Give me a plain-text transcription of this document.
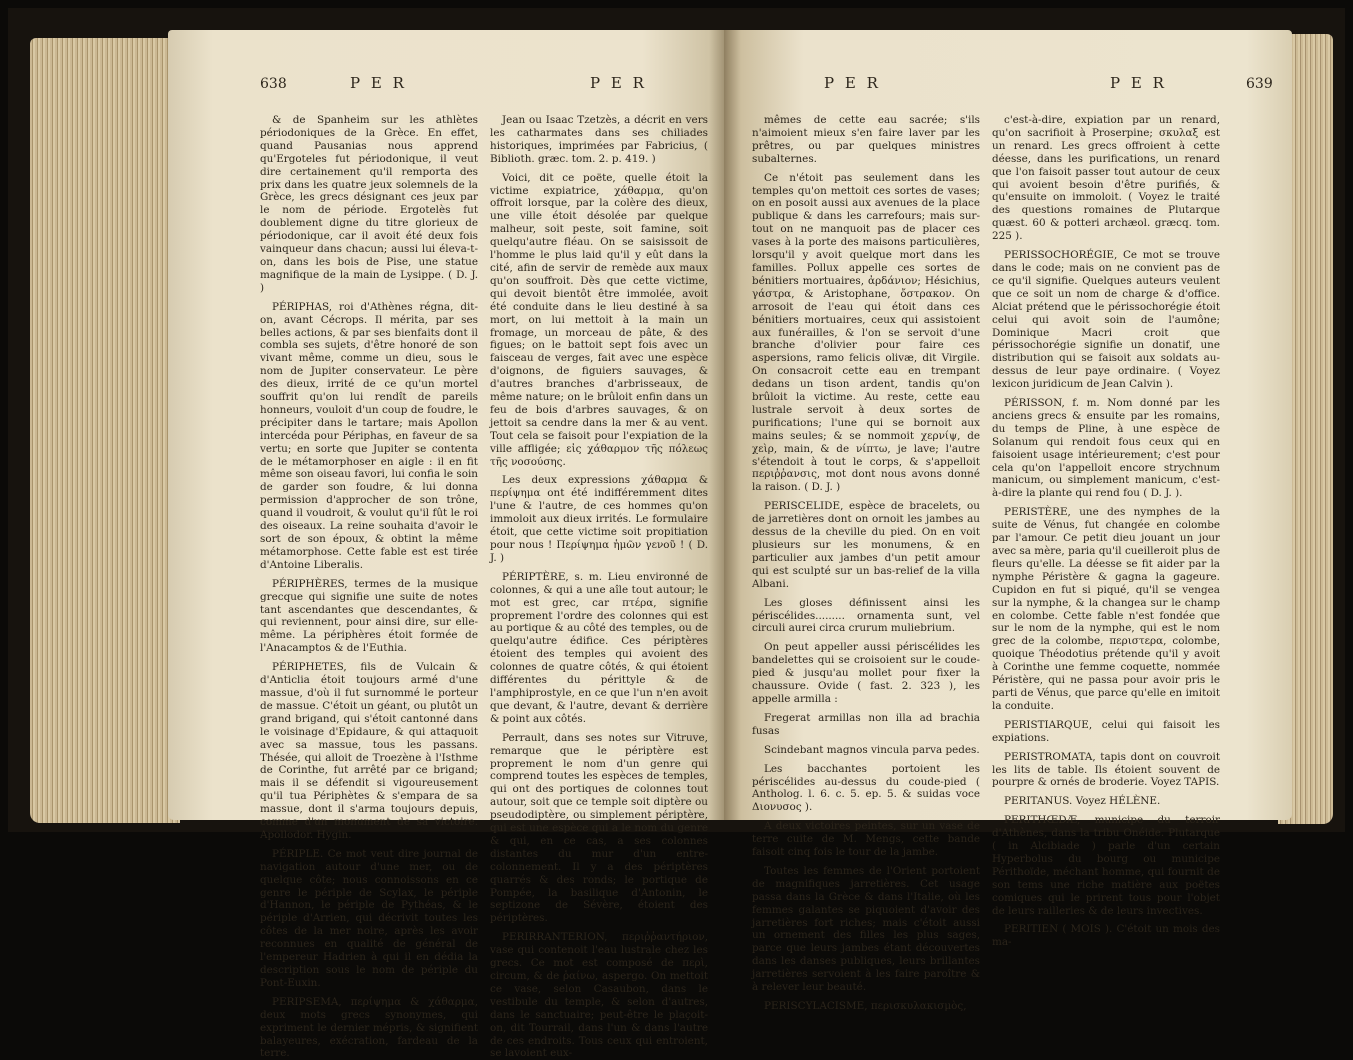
638	P E R	P E R

& de Spanheim sur les athlètes périodoniques de la Grèce. En effet, quand Pausanias nous apprend qu'Ergoteles fut périodonique, il veut dire certainement qu'il remporta des prix dans les quatre jeux solemnels de la Grèce, les grecs désignant ces jeux par le nom de période. Ergotelès fut doublement digne du titre glorieux de périodonique, car il avoit été deux fois vainqueur dans chacun; aussi lui éleva-t-on, dans les bois de Pise, une statue magnifique de la main de Lysippe. ( D. J. )

PÉRIPHAS, roi d'Athènes régna, dit-on, avant Cécrops. Il mérita, par ses belles actions, & par ses bienfaits dont il combla ses sujets, d'être honoré de son vivant même, comme un dieu, sous le nom de Jupiter conservateur. Le père des dieux, irrité de ce qu'un mortel souffrit qu'on lui rendît de pareils honneurs, vouloit d'un coup de foudre, le précipiter dans le tartare; mais Apollon intercéda pour Périphas, en faveur de sa vertu; en sorte que Jupiter se contenta de le métamorphoser en aigle : il en fit même son oiseau favori, lui confia le soin de garder son foudre, & lui donna permission d'approcher de son trône, quand il voudroit, & voulut qu'il fût le roi des oiseaux. La reine souhaita d'avoir le sort de son époux, & obtint la même métamorphose. Cette fable est est tirée d'Antoine Liberalis.

PÉRIPHÈRES, termes de la musique grecque qui signifie une suite de notes tant ascendantes que descendantes, & qui reviennent, pour ainsi dire, sur elle-même. La périphères étoit formée de l'Anacamptos & de l'Euthia.

PÉRIPHETES, fils de Vulcain & d'Anticlia étoit toujours armé d'une massue, d'où il fut surnommé le porteur de massue. C'étoit un géant, ou plutôt un grand brigand, qui s'étoit cantonné dans le voisinage d'Epidaure, & qui attaquoit avec sa massue, tous les passans. Thésée, qui alloit de Troezène à l'Isthme de Corinthe, fut arrêté par ce brigand; mais il se défendit si vigoureusement qu'il tua Périphètes & s'empara de sa massue, dont il s'arma toujours depuis, comme d'un monument de sa victoire. Apollodor. Hygin.

PÉRIPLE. Ce mot veut dire journal de navigation autour d'une mer, ou de quelque côte; nous connoissons en ce genre le périple de Scylax, le périple d'Hannon, le périple de Pythéas, & le périple d'Arrien, qui décrivit toutes les côtes de la mer noire, après les avoir reconnues en qualité de général de l'empereur Hadrien à qui il en dédia la description sous le nom de périple du Pont-Euxin.

PERIPSEMA, περίψημα & χάθαρμα, deux mots grecs synonymes, qui expriment le dernier mépris, & signifient balayeures, exécration, fardeau de la terre.

Jean ou Isaac Tzetzès, a décrit en vers les catharmates dans ses chiliades historiques, imprimées par Fabricius, ( Biblioth. græc. tom. 2. p. 419. )

Voici, dit ce poëte, quelle étoit la victime expiatrice, χάθαρμα, qu'on offroit lorsque, par la colère des dieux, une ville étoit désolée par quelque malheur, soit peste, soit famine, soit quelqu'autre fléau. On se saisissoit de l'homme le plus laid qu'il y eût dans la cité, afin de servir de remède aux maux qu'on souffroit. Dès que cette victime, qui devoit bientôt être immolée, avoit été conduite dans le lieu destiné à sa mort, on lui mettoit à la main un fromage, un morceau de pâte, & des figues; on le battoit sept fois avec un faisceau de verges, fait avec une espèce d'oignons, de figuiers sauvages, & d'autres branches d'arbrisseaux, de même nature; on le brûloit enfin dans un feu de bois d'arbres sauvages, & on jettoit sa cendre dans la mer & au vent. Tout cela se faisoit pour l'expiation de la ville affligée; εἰς χάθαρμον τῆς πόλεως τῆς νοσούσης.

Les deux expressions χάθαρμα & περίψημα ont été indifféremment dites l'une & l'autre, de ces hommes qu'on immoloit aux dieux irrités. Le formulaire étoit, que cette victime soit propitiation pour nous ! Περίψημα ἡμῶν γενοῦ ! ( D. J. )

PÉRIPTÈRE, s. m. Lieu environné de colonnes, & qui a une aîle tout autour; le mot est grec, car πτέρα, signifie proprement l'ordre des colonnes qui est au portique & au côté des temples, ou de quelqu'autre édifice. Ces périptères étoient des temples qui avoient des colonnes de quatre côtés, & qui étoient différentes du périttyle & de l'amphiprostyle, en ce que l'un n'en avoit que devant, & l'autre, devant & derrière & point aux côtés.

Perrault, dans ses notes sur Vitruve, remarque que le périptère est proprement le nom d'un genre qui comprend toutes les espèces de temples, qui ont des portiques de colonnes tout autour, soit que ce temple soit diptère ou pseudodiptère, ou simplement périptère, qui est une espèce qui a le nom du genre & qui, en ce cas, a ses colonnes distantes du mur d'un entre-colonnement. Il y a des périptères quarrés & des ronds; le portique de Pompée, la basilique d'Antonin, le septizone de Sévère, étoient des périptères.

PERIRRANTERION, περιῤῥαντήριον, vase qui contenoit l'eau lustrale chez les grecs. Ce mot est composé de περὶ, circum, & de ῥαίνω, aspergo. On mettoit ce vase, selon Casaubon, dans le vestibule du temple, & selon d'autres, dans le sanctuaire; peut-être le plaçoit-on, dit Tourrail, dans l'un & dans l'autre de ces endroits. Tous ceux qui entroient, se lavoient eux-

P E R	P E R	639

mêmes de cette eau sacrée; s'ils n'aimoient mieux s'en faire laver par les prêtres, ou par quelques ministres subalternes.

Ce n'étoit pas seulement dans les temples qu'on mettoit ces sortes de vases; on en posoit aussi aux avenues de la place publique & dans les carrefours; mais sur-tout on ne manquoit pas de placer ces vases à la porte des maisons particulières, lorsqu'il y avoit quelque mort dans les familles. Pollux appelle ces sortes de bénitiers mortuaires, ἀρδάνιον; Hésichius, γάστρα, & Aristophane, ὄστρακον. On arrosoit de l'eau qui étoit dans ces bénitiers mortuaires, ceux qui assistoient aux funérailles, & l'on se servoit d'une branche d'olivier pour faire ces aspersions, ramo felicis olivæ, dit Virgile. On consacroit cette eau en trempant dedans un tison ardent, tandis qu'on brûloit la victime. Au reste, cette eau lustrale servoit à deux sortes de purifications; l'une qui se bornoit aux mains seules; & se nommoit χερνίψ, de χεὶρ, main, & de νίπτω, je lave; l'autre s'étendoit à tout le corps, & s'appelloit περιῤῥανσις, mot dont nous avons donné la raison. ( D. J. )

PERISCELIDE, espèce de bracelets, ou de jarretières dont on ornoit les jambes au dessus de la cheville du pied. On en voit plusieurs sur les monumens, & en particulier aux jambes d'un petit amour qui est sculpté sur un bas-relief de la villa Albani.

Les gloses définissent ainsi les périscélides......... ornamenta sunt, vel circuli aurei circa crurum muliebrium.

On peut appeller aussi périscélides les bandelettes qui se croisoient sur le coude-pied & jusqu'au mollet pour fixer la chaussure. Ovide ( fast. 2. 323 ), les appelle armilla :

Fregerat armillas non illa ad brachia fusas

Scindebant magnos vincula parva pedes.

Les bacchantes portoient les périscélides au-dessus du coude-pied ( Antholog. l. 6. c. 5. ep. 5. & suidas voce Διονυσος ).

A deux victoires peintes, sur un vase de terre cuite de M. Mengs, cette bande faisoit cinq fois le tour de la jambe.

Toutes les femmes de l'Orient portoient de magnifiques jarretières. Cet usage passa dans la Grèce & dans l'Italie, où les femmes galantes se piquoient d'avoir des jarretières fort riches; mais c'étoit aussi un ornement des filles les plus sages, parce que leurs jambes étant découvertes dans les danses publiques, leurs brillantes jarretières servoient à les faire paroître & à relever leur beauté.

PERISCYLACISME, περισκυλακισμὸς,

c'est-à-dire, expiation par un renard, qu'on sacrifioit à Proserpine; σκυλαξ est un renard. Les grecs offroient à cette déesse, dans les purifications, un renard que l'on faisoit passer tout autour de ceux qui avoient besoin d'être purifiés, & qu'ensuite on immoloit. ( Voyez le traité des questions romaines de Plutarque quæst. 60 & potteri archæol. græcq. tom. 225 ).

PERISSOCHORÉGIE, Ce mot se trouve dans le code; mais on ne convient pas de ce qu'il signifie. Quelques auteurs veulent que ce soit un nom de charge & d'office. Alciat prétend que le périssochorégie étoit celui qui avoit soin de l'aumône; Dominique Macri croit que périssochorégie signifie un donatif, une distribution qui se faisoit aux soldats au-dessus de leur paye ordinaire. ( Voyez lexicon juridicum de Jean Calvin ).

PÉRISSON, f. m. Nom donné par les anciens grecs & ensuite par les romains, du temps de Pline, à une espèce de Solanum qui rendoit fous ceux qui en faisoient usage intérieurement; c'est pour cela qu'on l'appelloit encore strychnum manicum, ou simplement manicum, c'est-à-dire la plante qui rend fou ( D. J. ).

PERISTÈRE, une des nymphes de la suite de Vénus, fut changée en colombe par l'amour. Ce petit dieu jouant un jour avec sa mère, paria qu'il cueilleroit plus de fleurs qu'elle. La déesse se fit aider par la nymphe Péristère & gagna la gageure. Cupidon en fut si piqué, qu'il se vengea sur la nymphe, & la changea sur le champ en colombe. Cette fable n'est fondée que sur le nom de la nymphe, qui est le nom grec de la colombe, περιστερα, colombe, quoique Théodotius prétende qu'il y avoit à Corinthe une femme coquette, nommée Péristère, qui ne passa pour avoir pris le parti de Vénus, que parce qu'elle en imitoit la conduite.

PERISTIARQUE, celui qui faisoit les expiations.

PERISTROMATA, tapis dont on couvroit les lits de table. Ils étoient souvent de pourpre & ornés de broderie. Voyez TAPIS.

PERITANUS. Voyez HÉLÈNE.

PERITHŒDÆ, municipe du terroir d'Athènes, dans la tribu Onéide. Plutarque ( in Alcibiade ) parle d'un certain Hyperbolus du bourg ou municipe Périthoïde, méchant homme, qui fournit de son tems une riche matière aux poëtes comiques qui le prirent tous pour l'objet de leurs railleries & de leurs invectives.

PERITIEN ( MOIS ). C'étoit un mois des ma-
